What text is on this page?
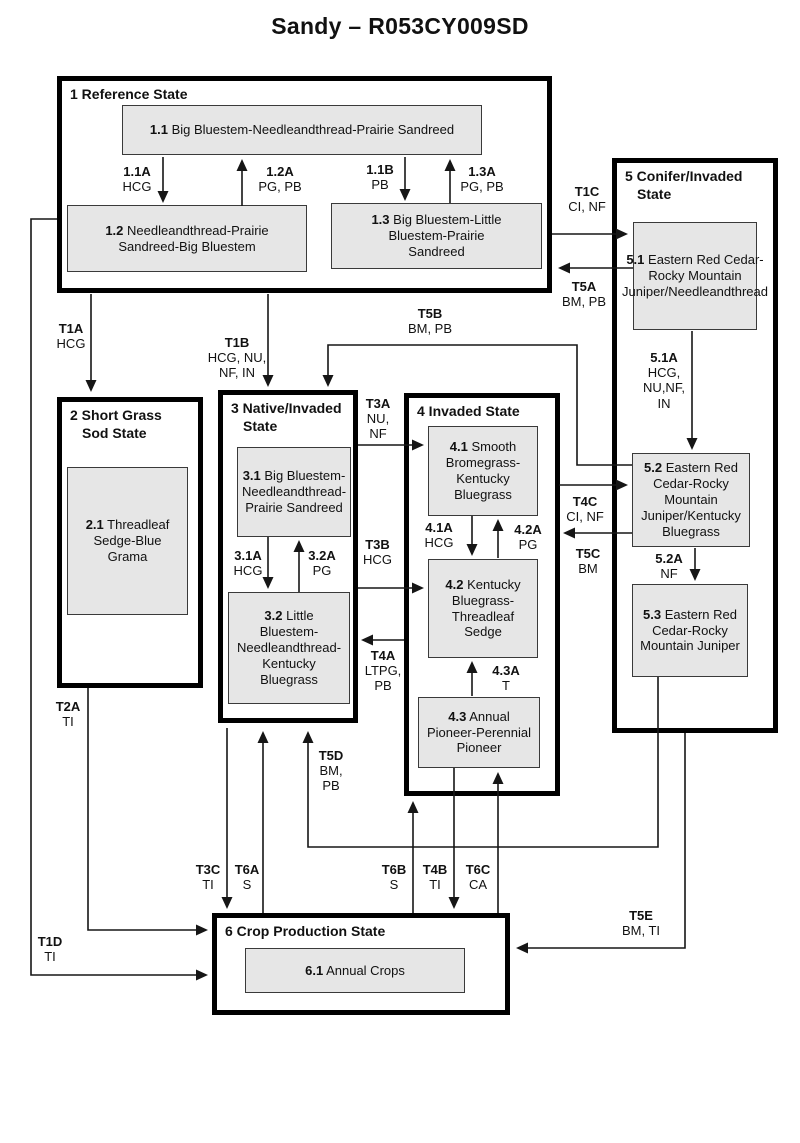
Sandy – R053CY009SD
1 Reference State
2 Short Grass Sod State
3 Native/Invaded State
4 Invaded State
5 Conifer/Invaded State
6 Crop Production State
1.1 Big Bluestem-Needleandthread-Prairie Sandreed
1.2 Needleandthread-Prairie Sandreed-Big Bluestem
1.3 Big Bluestem-Little Bluestem-Prairie Sandreed
2.1 Threadleaf Sedge-Blue Grama
3.1 Big Bluestem-Needleandthread-Prairie Sandreed
3.2 Little Bluestem-Needleandthread-Kentucky Bluegrass
4.1 Smooth Bromegrass-Kentucky Bluegrass
4.2 Kentucky Bluegrass-Threadleaf Sedge
4.3 Annual Pioneer-Perennial Pioneer
5.1 Eastern Red Cedar-Rocky Mountain Juniper/Needleandthread
5.2 Eastern Red Cedar-Rocky Mountain Juniper/Kentucky Bluegrass
5.3 Eastern Red Cedar-Rocky Mountain Juniper
6.1 Annual Crops
1.1A
HCG
1.2A
PG, PB
1.1B
PB
1.3A
PG, PB
3.1A
HCG
3.2A
PG
4.1A
HCG
4.2A
PG
4.3A
T
5.1A
HCG, NU,NF, IN
5.2A
NF
T1A
HCG	T1B
HCG, NU, NF, IN
T1C
CI, NF
T1D
TI
T2A
TI
T3A
NU, NF
T3B
HCG
T3C
TI
T4A
LTPG, PB
T4B
TI
T4C
CI, NF
T5A
BM, PB
T5B
BM, PB
T5C
BM
T5D
BM, PB
T5E
BM, TI
T6A
S
T6B
S
T6C
CA
